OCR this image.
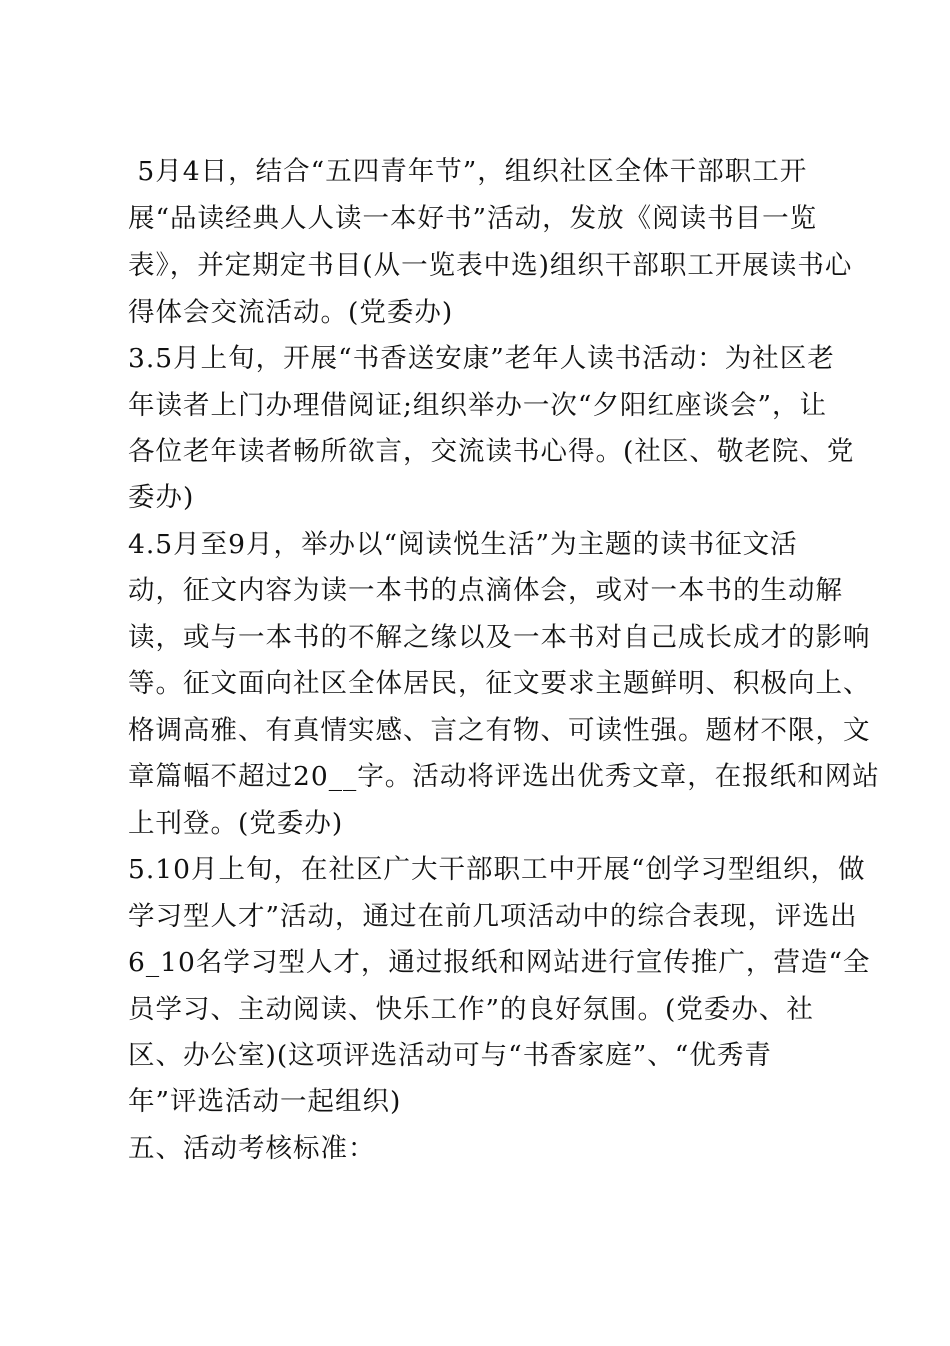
5月4日，结合“五四青年节”，组织社区全体干部职工开
展“品读经典人人读一本好书”活动，发放《阅读书目一览
表》，并定期定书目(从一览表中选)组织干部职工开展读书心
得体会交流活动。(党委办)
3.5月上旬，开展“书香送安康”老年人读书活动：为社区老
年读者上门办理借阅证;组织举办一次“夕阳红座谈会”，让
各位老年读者畅所欲言，交流读书心得。(社区、敬老院、党
委办)
4.5月至9月，举办以“阅读悦生活”为主题的读书征文活
动，征文内容为读一本书的点滴体会，或对一本书的生动解
读，或与一本书的不解之缘以及一本书对自己成长成才的影响
等。征文面向社区全体居民，征文要求主题鲜明、积极向上、
格调高雅、有真情实感、言之有物、可读性强。题材不限，文
章篇幅不超过20__字。活动将评选出优秀文章，在报纸和网站
上刊登。(党委办)
5.10月上旬，在社区广大干部职工中开展“创学习型组织，做
学习型人才”活动，通过在前几项活动中的综合表现，评选出
6_10名学习型人才，通过报纸和网站进行宣传推广，营造“全
员学习、主动阅读、快乐工作”的良好氛围。(党委办、社
区、办公室)(这项评选活动可与“书香家庭”、“优秀青
年”评选活动一起组织)
五、活动考核标准：
